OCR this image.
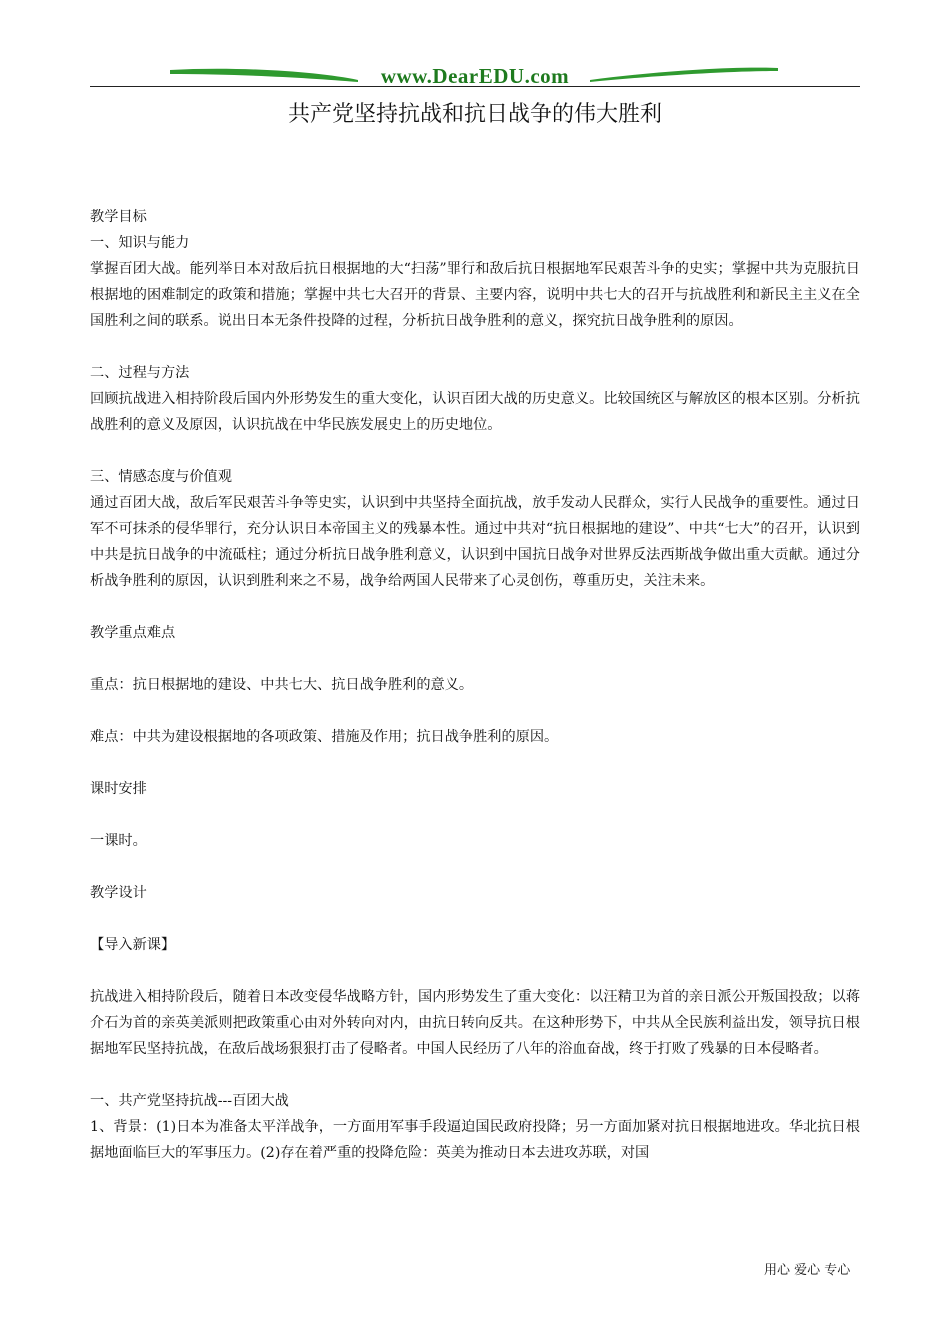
www.DearEDU.com
共产党坚持抗战和抗日战争的伟大胜利

教学目标

一、知识与能力

掌握百团大战。能列举日本对敌后抗日根据地的大“扫荡”罪行和敌后抗日根据地军民艰苦斗争的史实；掌握中共为克服抗日根据地的困难制定的政策和措施；掌握中共七大召开的背景、主要内容，说明中共七大的召开与抗战胜利和新民主主义在全国胜利之间的联系。说出日本无条件投降的过程，分析抗日战争胜利的意义，探究抗日战争胜利的原因。

二、过程与方法

回顾抗战进入相持阶段后国内外形势发生的重大变化，认识百团大战的历史意义。比较国统区与解放区的根本区别。分析抗战胜利的意义及原因，认识抗战在中华民族发展史上的历史地位。

三、情感态度与价值观

通过百团大战，敌后军民艰苦斗争等史实，认识到中共坚持全面抗战，放手发动人民群众，实行人民战争的重要性。通过日军不可抹杀的侵华罪行，充分认识日本帝国主义的残暴本性。通过中共对“抗日根据地的建设”、中共“七大”的召开，认识到中共是抗日战争的中流砥柱；通过分析抗日战争胜利意义，认识到中国抗日战争对世界反法西斯战争做出重大贡献。通过分析战争胜利的原因，认识到胜利来之不易，战争给两国人民带来了心灵创伤，尊重历史，关注未来。

教学重点难点

重点：抗日根据地的建设、中共七大、抗日战争胜利的意义。

难点：中共为建设根据地的各项政策、措施及作用；抗日战争胜利的原因。

课时安排

一课时。

教学设计

【导入新课】

抗战进入相持阶段后，随着日本改变侵华战略方针，国内形势发生了重大变化：以汪精卫为首的亲日派公开叛国投敌；以蒋介石为首的亲英美派则把政策重心由对外转向对内，由抗日转向反共。在这种形势下，中共从全民族利益出发，领导抗日根据地军民坚持抗战，在敌后战场狠狠打击了侵略者。中国人民经历了八年的浴血奋战，终于打败了残暴的日本侵略者。

一、共产党坚持抗战---百团大战

1、背景：(1)日本为准备太平洋战争，一方面用军事手段逼迫国民政府投降；另一方面加紧对抗日根据地进攻。华北抗日根据地面临巨大的军事压力。(2)存在着严重的投降危险：英美为推动日本去进攻苏联，对国

用心 爱心 专心
